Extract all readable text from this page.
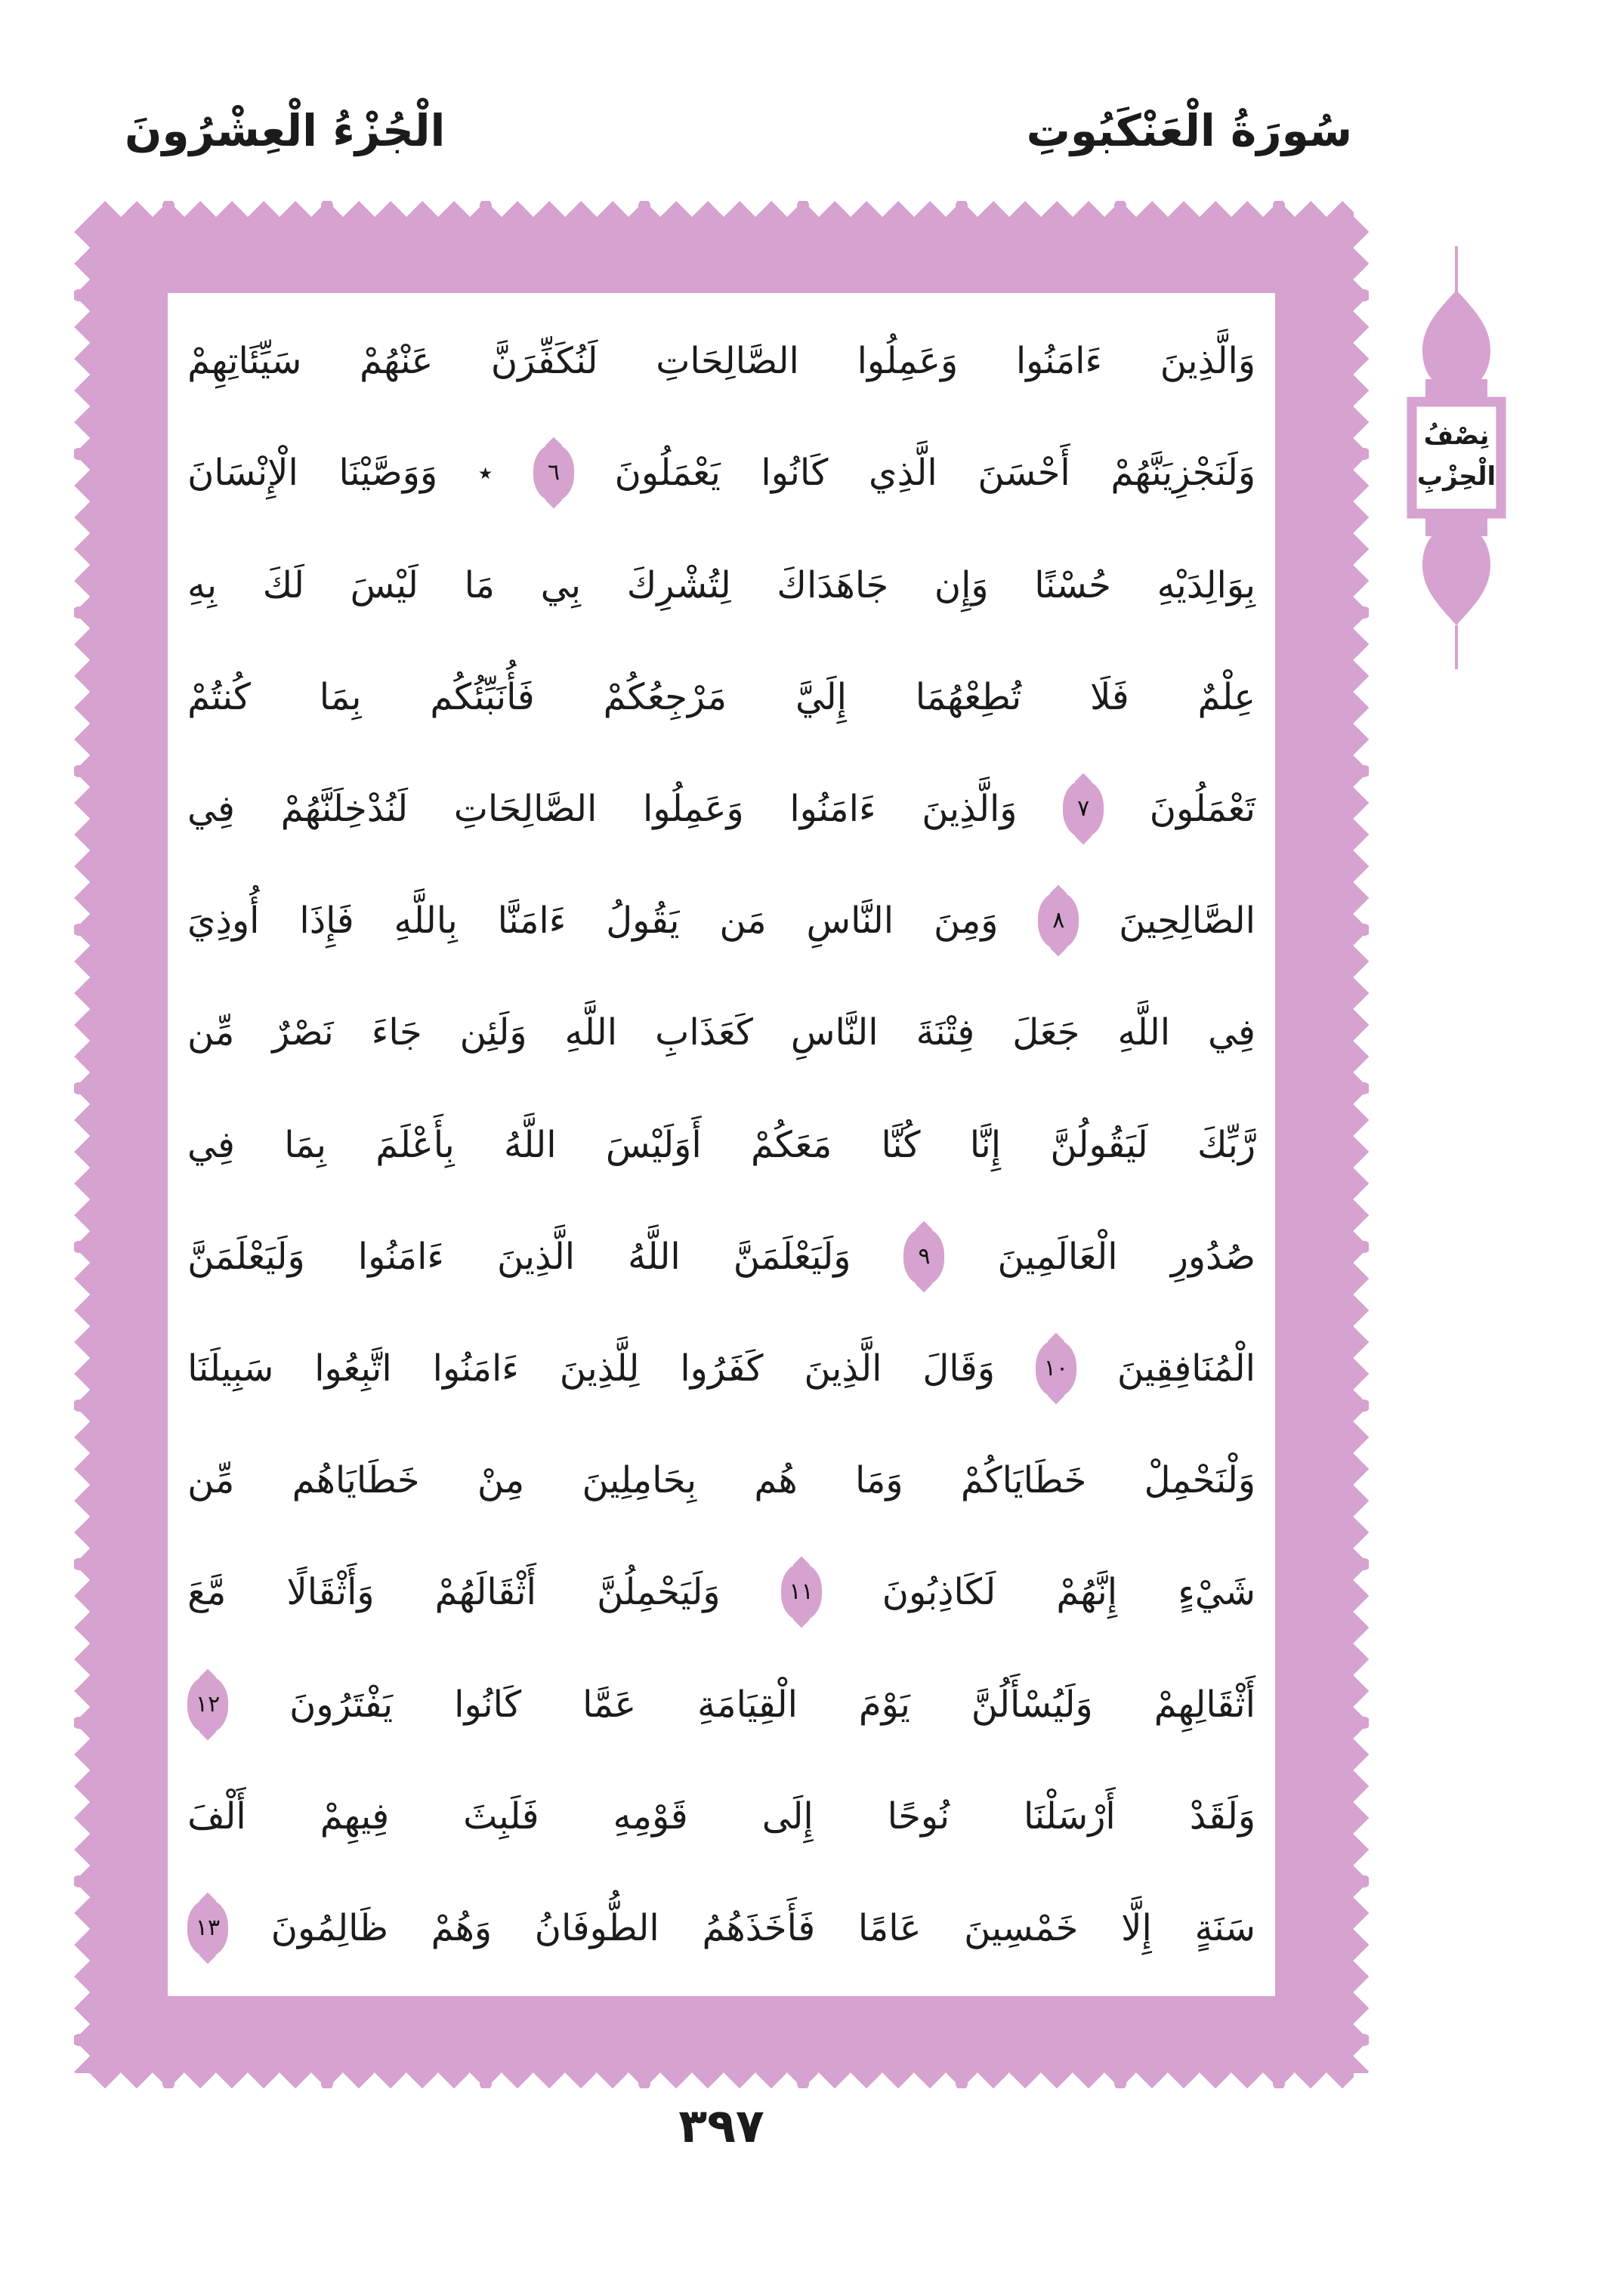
الْجُزْءُ الْعِشْرُونَ	سُورَةُ الْعَنْكَبُوتِ
وَالَّذِينَ
ءَامَنُوا
وَعَمِلُوا
الصَّالِحَاتِ
لَنُكَفِّرَنَّ
عَنْهُمْ
سَيِّئَاتِهِمْ
وَلَنَجْزِيَنَّهُمْ
أَحْسَنَ
الَّذِي
كَانُوا
يَعْمَلُونَ
٦
٭
وَوَصَّيْنَا
الْإِنْسَانَ
بِوَالِدَيْهِ
حُسْنًا
وَإِن
جَاهَدَاكَ
لِتُشْرِكَ
بِي
مَا
لَيْسَ
لَكَ
بِهِ
عِلْمٌ
فَلَا
تُطِعْهُمَا
إِلَيَّ
مَرْجِعُكُمْ
فَأُنَبِّئُكُم
بِمَا
كُنتُمْ
تَعْمَلُونَ
٧
وَالَّذِينَ
ءَامَنُوا
وَعَمِلُوا
الصَّالِحَاتِ
لَنُدْخِلَنَّهُمْ
فِي
الصَّالِحِينَ
٨
وَمِنَ
النَّاسِ
مَن
يَقُولُ
ءَامَنَّا
بِاللَّهِ
فَإِذَا
أُوذِيَ
فِي
اللَّهِ
جَعَلَ
فِتْنَةَ
النَّاسِ
كَعَذَابِ
اللَّهِ
وَلَئِن
جَاءَ
نَصْرٌ
مِّن
رَّبِّكَ
لَيَقُولُنَّ
إِنَّا
كُنَّا
مَعَكُمْ
أَوَلَيْسَ
اللَّهُ
بِأَعْلَمَ
بِمَا
فِي
صُدُورِ
الْعَالَمِينَ
٩
وَلَيَعْلَمَنَّ
اللَّهُ
الَّذِينَ
ءَامَنُوا
وَلَيَعْلَمَنَّ
الْمُنَافِقِينَ
١٠
وَقَالَ
الَّذِينَ
كَفَرُوا
لِلَّذِينَ
ءَامَنُوا
اتَّبِعُوا
سَبِيلَنَا
وَلْنَحْمِلْ
خَطَايَاكُمْ
وَمَا
هُم
بِحَامِلِينَ
مِنْ
خَطَايَاهُم
مِّن
شَيْءٍ
إِنَّهُمْ
لَكَاذِبُونَ
١١
وَلَيَحْمِلُنَّ
أَثْقَالَهُمْ
وَأَثْقَالًا
مَّعَ
أَثْقَالِهِمْ
وَلَيُسْأَلُنَّ
يَوْمَ
الْقِيَامَةِ
عَمَّا
كَانُوا
يَفْتَرُونَ
١٢
وَلَقَدْ
أَرْسَلْنَا
نُوحًا
إِلَى
قَوْمِهِ
فَلَبِثَ
فِيهِمْ
أَلْفَ
سَنَةٍ
إِلَّا
خَمْسِينَ
عَامًا
فَأَخَذَهُمُ
الطُّوفَانُ
وَهُمْ
ظَالِمُونَ
١٣
نِصْفُ
الْحِزْبِ
٣٩٧
